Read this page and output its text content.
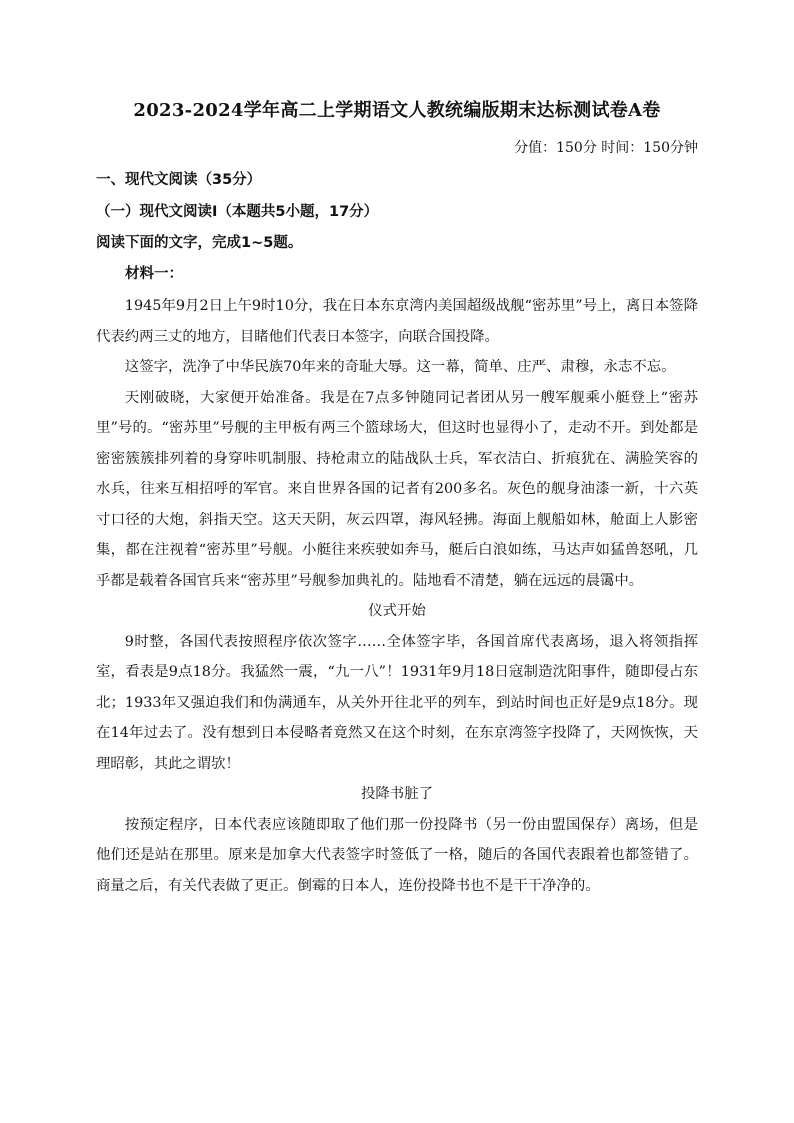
2023-2024学年高二上学期语文人教统编版期末达标测试卷A卷
分值：150分 时间：150分钟
一、现代文阅读（35分）
（一）现代文阅读Ⅰ（本题共5小题，17分）
阅读下面的文字，完成1~5题。
材料一：

1945年9月2日上午9时10分，我在日本东京湾内美国超级战舰“密苏里”号上，离日本签降代表约两三丈的地方，目睹他们代表日本签字，向联合国投降。

这签字，洗净了中华民族70年来的奇耻大辱。这一幕，简单、庄严、肃穆，永志不忘。

天刚破晓，大家便开始准备。我是在7点多钟随同记者团从另一艘军舰乘小艇登上“密苏里”号的。“密苏里”号舰的主甲板有两三个篮球场大，但这时也显得小了，走动不开。到处都是密密簇簇排列着的身穿咔叽制服、持枪肃立的陆战队士兵，军衣洁白、折痕犹在、满脸笑容的水兵，往来互相招呼的军官。来自世界各国的记者有200多名。灰色的舰身油漆一新，十六英寸口径的大炮，斜指天空。这天天阴，灰云四罩，海风轻拂。海面上舰船如林，舱面上人影密集，都在注视着“密苏里”号舰。小艇往来疾驶如奔马，艇后白浪如练，马达声如猛兽怒吼，几乎都是载着各国官兵来“密苏里”号舰参加典礼的。陆地看不清楚，躺在远远的晨霭中。

仪式开始

9时整，各国代表按照程序依次签字……全体签字毕，各国首席代表离场，退入将领指挥室，看表是9点18分。我猛然一震，“九一八”！1931年9月18日寇制造沈阳事件，随即侵占东北；1933年又强迫我们和伪满通车，从关外开往北平的列车，到站时间也正好是9点18分。现在14年过去了。没有想到日本侵略者竟然又在这个时刻，在东京湾签字投降了，天网恢恢，天理昭彰，其此之谓欤！

投降书脏了

按预定程序，日本代表应该随即取了他们那一份投降书（另一份由盟国保存）离场，但是他们还是站在那里。原来是加拿大代表签字时签低了一格，随后的各国代表跟着也都签错了。商量之后，有关代表做了更正。倒霉的日本人，连份投降书也不是干干净净的。
